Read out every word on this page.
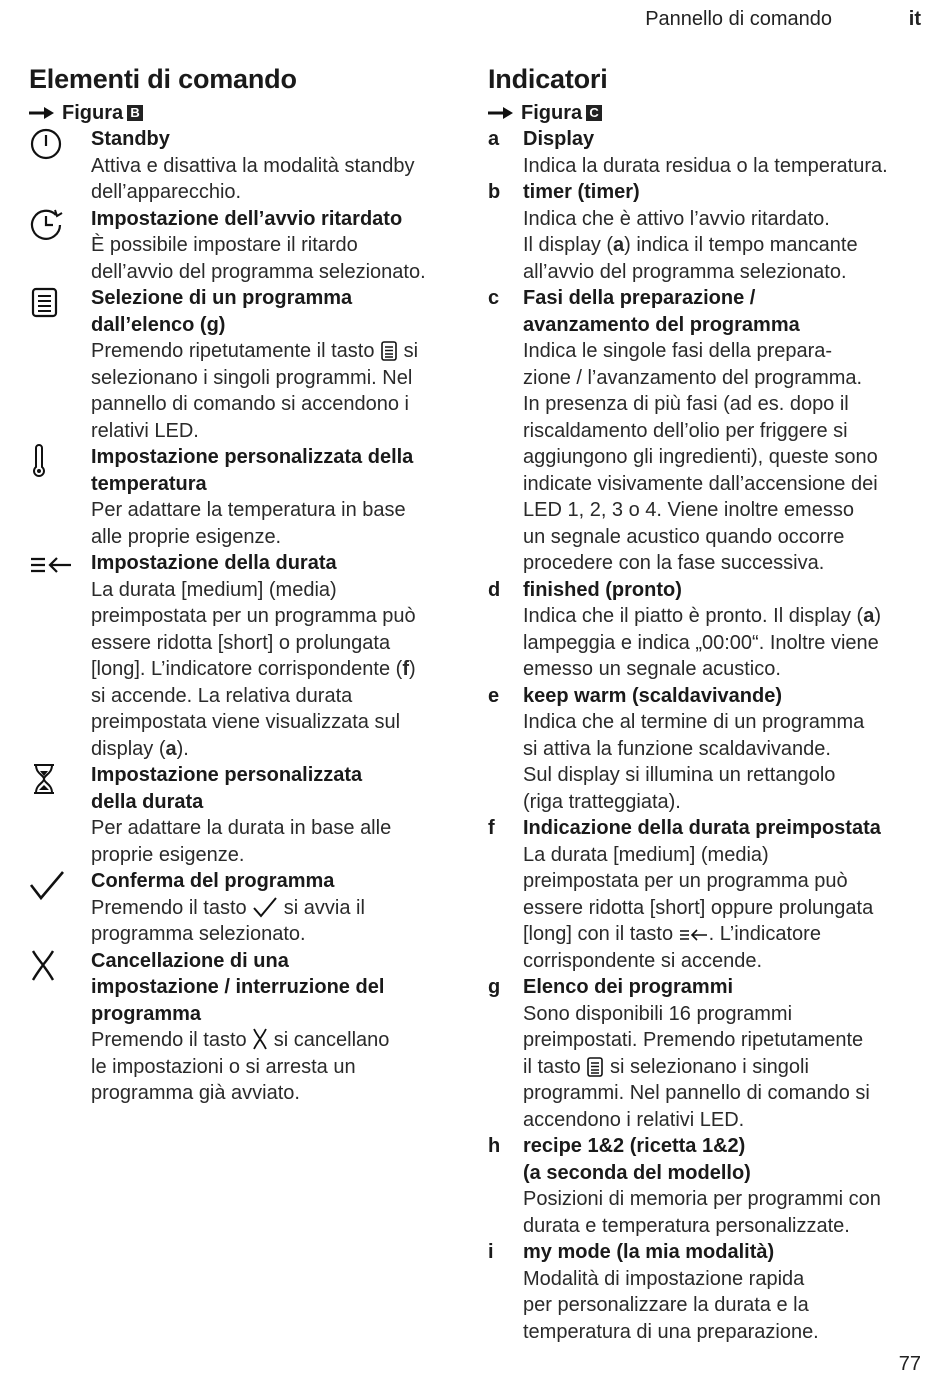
Pannello di comando	it
Elementi di comando
Figura B
Standby
Attiva e disattiva la modalità standby
dell’apparecchio.
Impostazione dell’avvio ritardato
È possibile impostare il ritardo
dell’avvio del programma selezionato.
Selezione di un programma
dall’elenco (g)
Premendo ripetutamente il tasto si
selezionano i singoli programmi. Nel
pannello di comando si accendono i
relativi LED.
Impostazione personalizzata della
temperatura
Per adattare la temperatura in base
alle proprie esigenze.
Impostazione della durata
La durata [medium] (media)
preimpostata per un programma può
essere ridotta [short] o prolungata
[long]. L’indicatore corrispondente (f)
si accende. La relativa durata
preimpostata viene visualizzata sul
display (a).
Impostazione personalizzata
della durata
Per adattare la durata in base alle
proprie esigenze.
Conferma del programma
Premendo il tasto si avvia il
programma selezionato.
Cancellazione di una
impostazione / interruzione del
programma
Premendo il tasto si cancellano
le impostazioni o si arresta un
programma già avviato.
Indicatori
Figura C
a	Display
Indica la durata residua o la temperatura.
b	timer (timer)
Indica che è attivo l’avvio ritardato.
Il display (a) indica il tempo mancante
all’avvio del programma selezionato.
c	Fasi della preparazione /
avanzamento del programma
Indica le singole fasi della prepara-
zione / l’avanzamento del programma.
In presenza di più fasi (ad es. dopo il
riscaldamento dell’olio per friggere si
aggiungono gli ingredienti), queste sono
indicate visivamente dall’accensione dei
LED 1, 2, 3 o 4. Viene inoltre emesso
un segnale acustico quando occorre
procedere con la fase successiva.
d	finished (pronto)
Indica che il piatto è pronto. Il display (a)
lampeggia e indica „00:00“. Inoltre viene
emesso un segnale acustico.
e	keep warm (scaldavivande)
Indica che al termine di un programma
si attiva la funzione scaldavivande.
Sul display si illumina un rettangolo
(riga tratteggiata).
f	Indicazione della durata preimpostata
La durata [medium] (media)
preimpostata per un programma può
essere ridotta [short] oppure prolungata
[long] con il tasto . L’indicatore
corrispondente si accende.
g	Elenco dei programmi
Sono disponibili 16 programmi
preimpostati. Premendo ripetutamente
il tasto si selezionano i singoli
programmi. Nel pannello di comando si
accendono i relativi LED.
h	recipe 1&2 (ricetta 1&2)
(a seconda del modello)
Posizioni di memoria per programmi con
durata e temperatura personalizzate.
i	my mode (la mia modalità)
Modalità di impostazione rapida
per personalizzare la durata e la
temperatura di una preparazione.
77
